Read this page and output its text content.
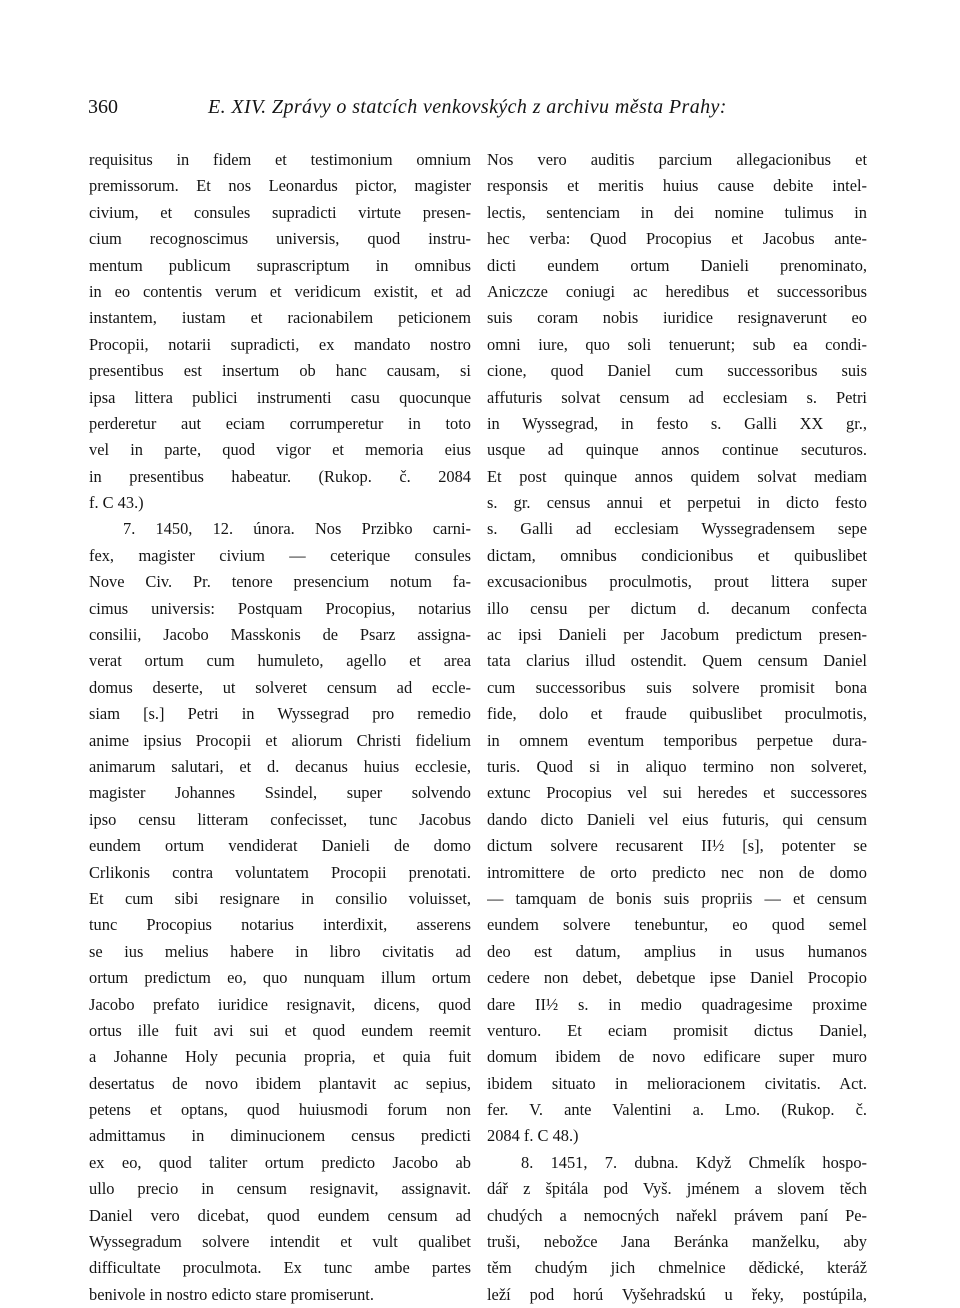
360	E. XIV. Zprávy o statcích venkovských z archivu města Prahy:
requisitus in fidem et testimonium omnium
premissorum. Et nos Leonardus pictor, magister
civium, et consules supradicti virtute presen-
cium recognoscimus universis, quod instru-
mentum publicum suprascriptum in omnibus
in eo contentis verum et veridicum existit, et ad
instantem, iustam et racionabilem peticionem
Procopii, notarii supradicti, ex mandato nostro
presentibus est insertum ob hanc causam, si
ipsa littera publici instrumenti casu quocunque
perderetur aut eciam corrumperetur in toto
vel in parte, quod vigor et memoria eius
in presentibus habeatur. (Rukop. č. 2084
f. C 43.)
7. 1450, 12. února. Nos Przibko carni-
fex, magister civium — ceterique consules
Nove Civ. Pr. tenore presencium notum fa-
cimus universis: Postquam Procopius, notarius
consilii, Jacobo Masskonis de Psarz assigna-
verat ortum cum humuleto, agello et area
domus deserte, ut solveret censum ad eccle-
siam [s.] Petri in Wyssegrad pro remedio
anime ipsius Procopii et aliorum Christi fidelium
animarum salutari, et d. decanus huius ecclesie,
magister Johannes Ssindel, super solvendo
ipso censu litteram confecisset, tunc Jacobus
eundem ortum vendiderat Danieli de domo
Crlikonis contra voluntatem Procopii prenotati.
Et cum sibi resignare in consilio voluisset,
tunc Procopius notarius interdixit, asserens
se ius melius habere in libro civitatis ad
ortum predictum eo, quo nunquam illum ortum
Jacobo prefato iuridice resignavit, dicens, quod
ortus ille fuit avi sui et quod eundem reemit
a Johanne Holy pecunia propria, et quia fuit
desertatus de novo ibidem plantavit ac sepius,
petens et optans, quod huiusmodi forum non
admittamus in diminucionem census predicti
ex eo, quod taliter ortum predicto Jacobo ab
ullo precio in censum resignavit, assignavit.
Daniel vero dicebat, quod eundem censum ad
Wyssegradum solvere intendit et vult qualibet
difficultate proculmota. Ex tunc ambe partes
benivole in nostro edicto stare promiserunt.
Nos vero auditis parcium allegacionibus et
responsis et meritis huius cause debite intel-
lectis, sentenciam in dei nomine tulimus in
hec verba: Quod Procopius et Jacobus ante-
dicti eundem ortum Danieli prenominato,
Aniczcze coniugi ac heredibus et successoribus
suis coram nobis iuridice resignaverunt eo
omni iure, quo soli tenuerunt; sub ea condi-
cione, quod Daniel cum successoribus suis
affuturis solvat censum ad ecclesiam s. Petri
in Wyssegrad, in festo s. Galli XX gr.,
usque ad quinque annos continue secuturos.
Et post quinque annos quidem solvat mediam
s. gr. census annui et perpetui in dicto festo
s. Galli ad ecclesiam Wyssegradensem sepe
dictam, omnibus condicionibus et quibuslibet
excusacionibus proculmotis, prout littera super
illo censu per dictum d. decanum confecta
ac ipsi Danieli per Jacobum predictum presen-
tata clarius illud ostendit. Quem censum Daniel
cum successoribus suis solvere promisit bona
fide, dolo et fraude quibuslibet proculmotis,
in omnem eventum temporibus perpetue dura-
turis. Quod si in aliquo termino non solveret,
extunc Procopius vel sui heredes et successores
dando dicto Danieli vel eius futuris, qui censum
dictum solvere recusarent II½ [s], potenter se
intromittere de orto predicto nec non de domo
— tamquam de bonis suis propriis — et censum
eundem solvere tenebuntur, eo quod semel
deo est datum, amplius in usus humanos
cedere non debet, debetque ipse Daniel Procopio
dare II½ s. in medio quadragesime proxime
venturo. Et eciam promisit dictus Daniel,
domum ibidem de novo edificare super muro
ibidem situato in melioracionem civitatis. Act.
fer. V. ante Valentini a. Lmo. (Rukop. č.
2084 f. C 48.)
8. 1451, 7. dubna. Když Chmelík hospo-
dář z špitála pod Vyš. jménem a slovem těch
chudých a nemocných nařekl právem paní Pe-
truši, nebožce Jana Beránka manželku, aby
těm chudým jich chmelnice dědické, kteráž
leží pod horú Vyšehradskú u řeky, postúpila,
